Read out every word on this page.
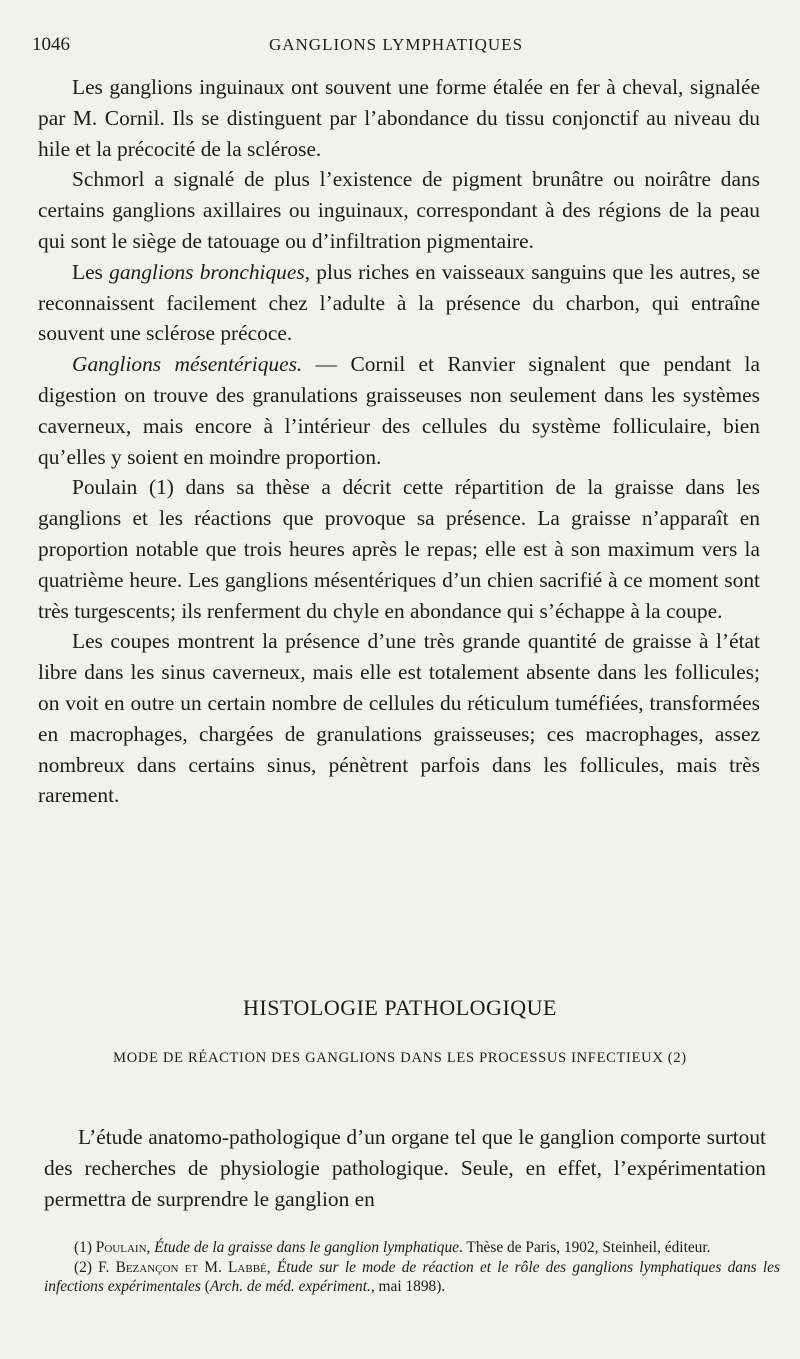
1046	GANGLIONS LYMPHATIQUES

Les ganglions inguinaux ont souvent une forme étalée en fer à cheval, signalée par M. Cornil. Ils se distinguent par l’abondance du tissu conjonctif au niveau du hile et la précocité de la sclérose.

Schmorl a signalé de plus l’existence de pigment brunâtre ou noirâtre dans certains ganglions axillaires ou inguinaux, correspondant à des régions de la peau qui sont le siège de tatouage ou d’infiltration pigmentaire.

Les ganglions bronchiques, plus riches en vaisseaux sanguins que les autres, se reconnaissent facilement chez l’adulte à la présence du charbon, qui entraîne souvent une sclérose précoce.

Ganglions mésentériques. — Cornil et Ranvier signalent que pendant la digestion on trouve des granulations graisseuses non seulement dans les systèmes caverneux, mais encore à l’intérieur des cellules du système folliculaire, bien qu’elles y soient en moindre proportion.

Poulain (1) dans sa thèse a décrit cette répartition de la graisse dans les ganglions et les réactions que provoque sa présence. La graisse n’apparaît en proportion notable que trois heures après le repas; elle est à son maximum vers la quatrième heure. Les ganglions mésentériques d’un chien sacrifié à ce moment sont très turgescents; ils renferment du chyle en abondance qui s’échappe à la coupe.

Les coupes montrent la présence d’une très grande quantité de graisse à l’état libre dans les sinus caverneux, mais elle est totalement absente dans les follicules; on voit en outre un certain nombre de cellules du réticulum tuméfiées, transformées en macrophages, chargées de granulations graisseuses; ces macrophages, assez nombreux dans certains sinus, pénètrent parfois dans les follicules, mais très rarement.

HISTOLOGIE PATHOLOGIQUE
MODE DE RÉACTION DES GANGLIONS DANS LES PROCESSUS INFECTIEUX (2)

L’étude anatomo-pathologique d’un organe tel que le ganglion comporte surtout des recherches de physiologie pathologique. Seule, en effet, l’expérimentation permettra de surprendre le ganglion en

(1) Poulain, Étude de la graisse dans le ganglion lymphatique. Thèse de Paris, 1902, Steinheil, éditeur.

(2) F. Bezançon et M. Labbé, Étude sur le mode de réaction et le rôle des ganglions lymphatiques dans les infections expérimentales (Arch. de méd. expériment., mai 1898).
